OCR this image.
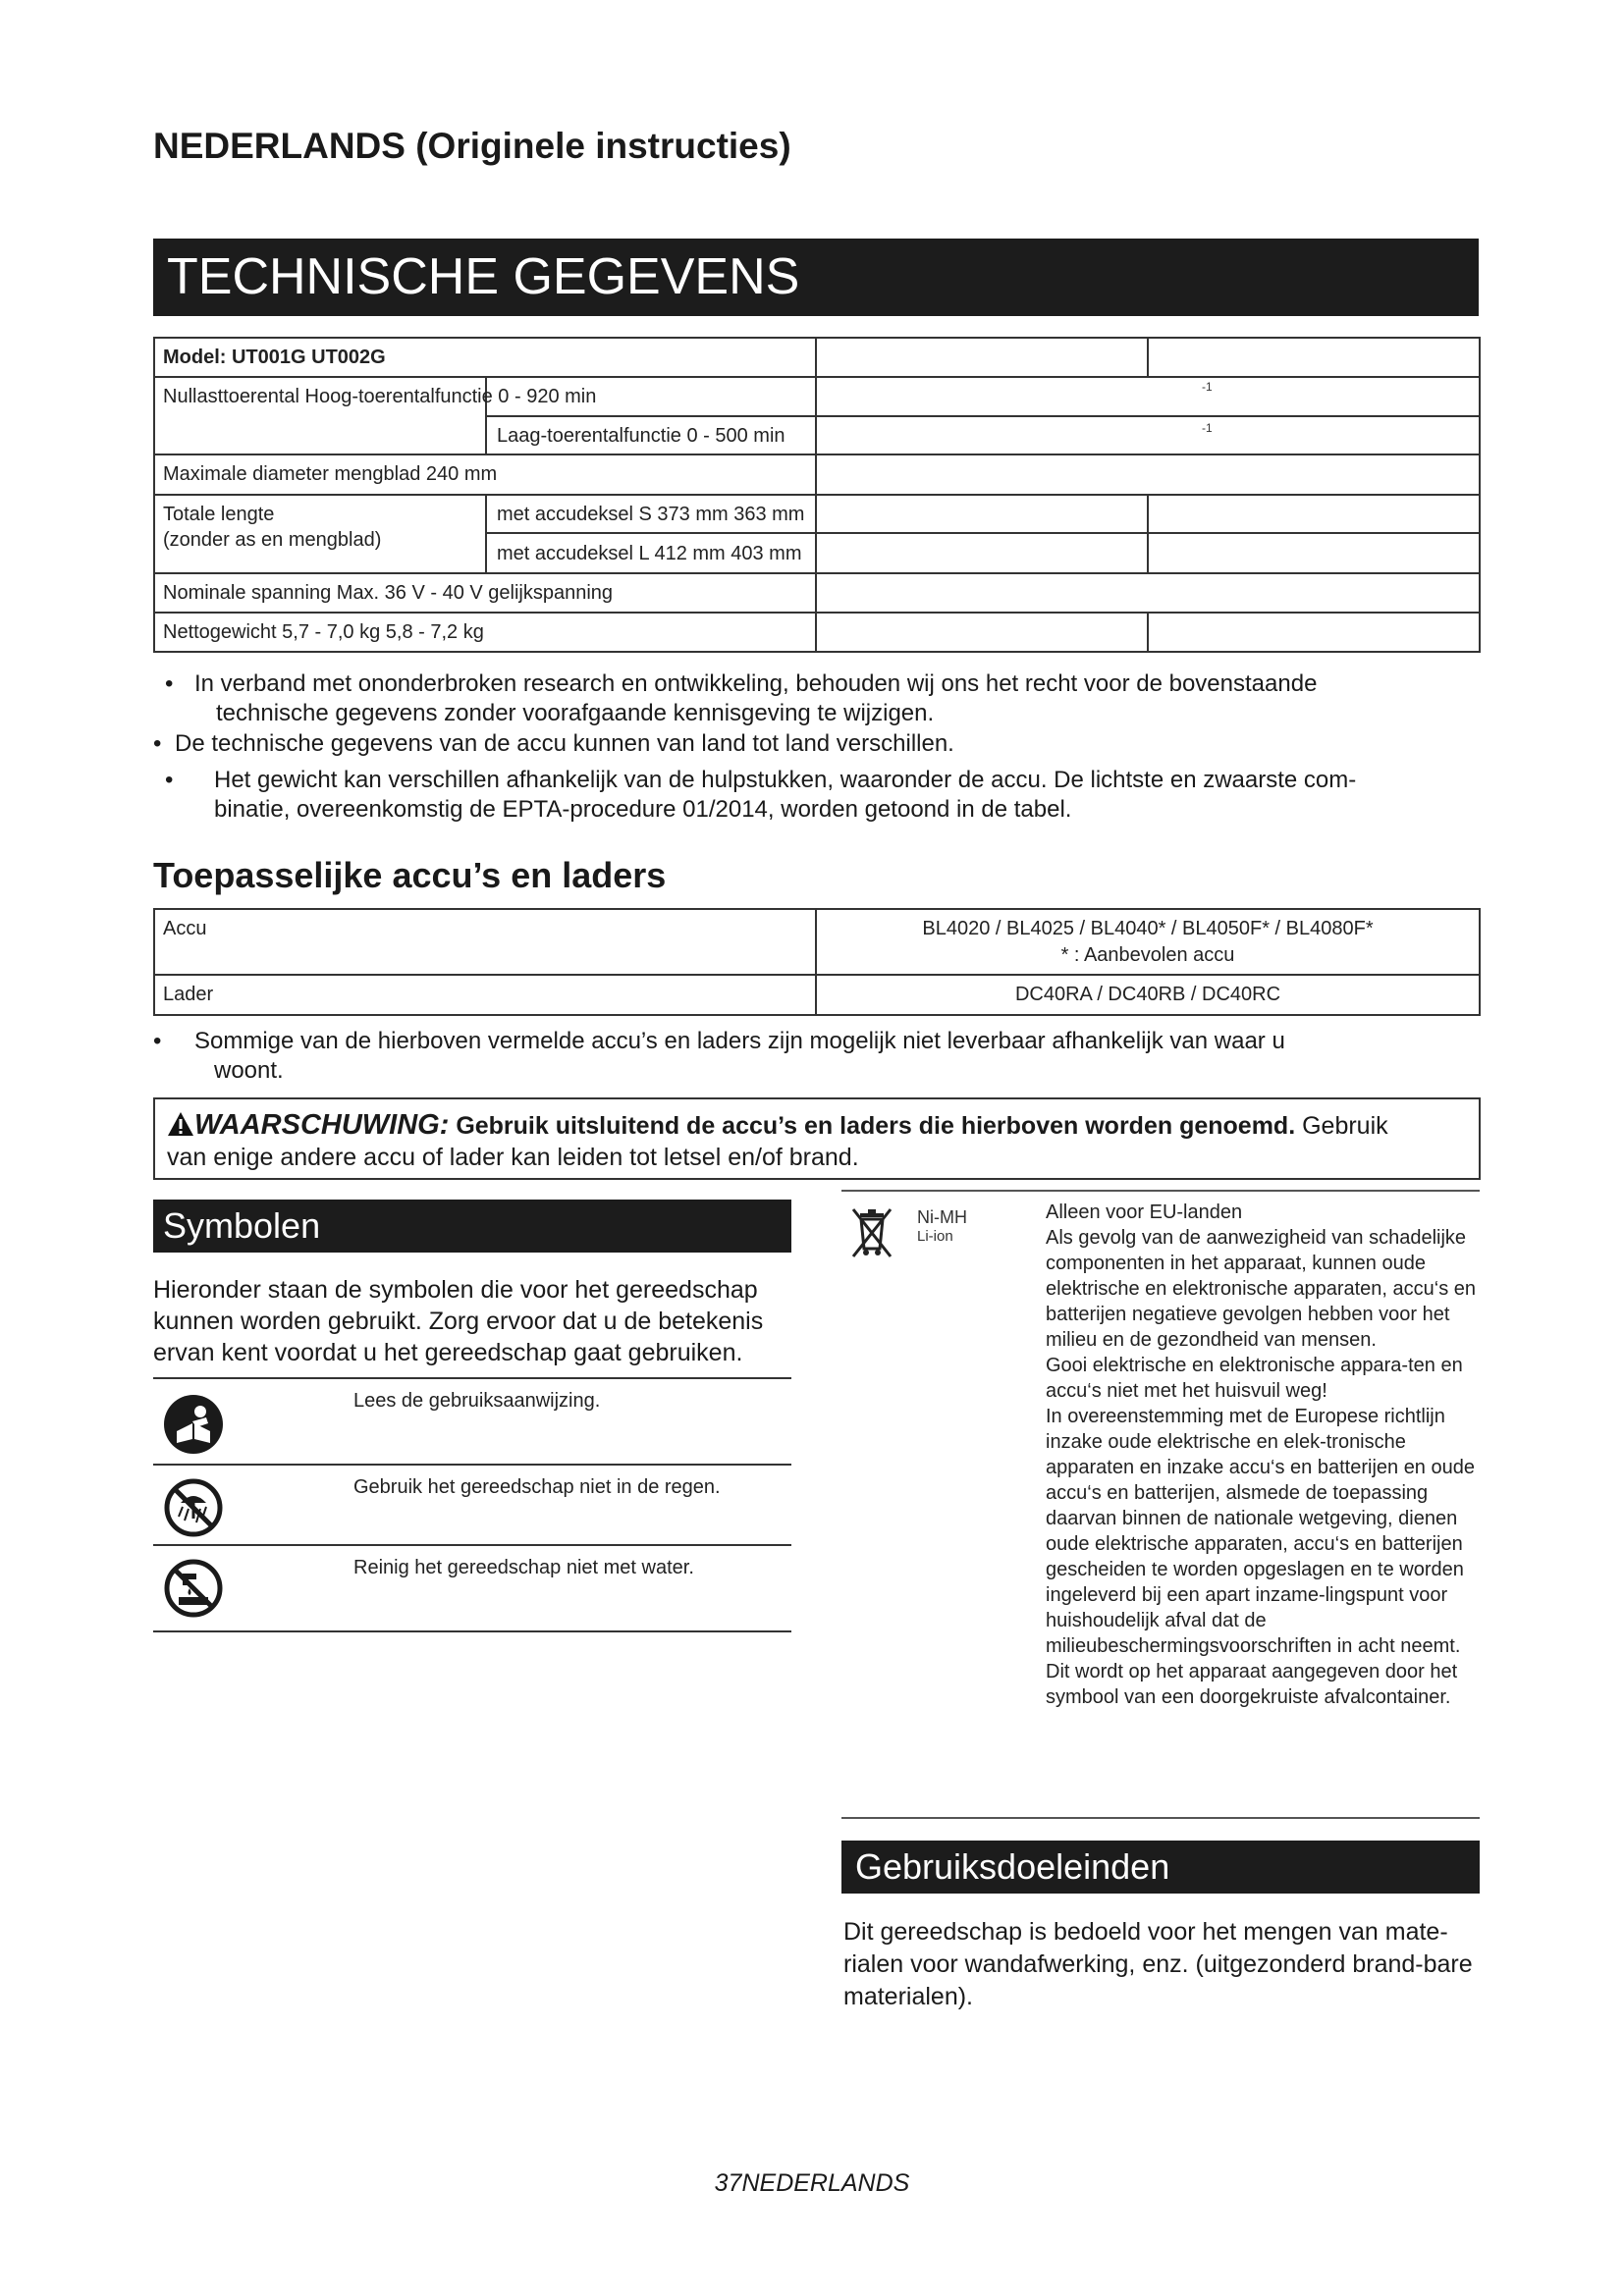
NEDERLANDS (Originele instructies)
TECHNISCHE GEGEVENS
Model: UT001G UT002G
Nullasttoerental Hoog-toerentalfunctie 0 - 920 min	-1
Laag-toerentalfunctie 0 - 500 min	-1
Maximale diameter mengblad 240 mm
Totale lengte
(zonder as en mengblad)
met accudeksel S 373 mm 363 mm
met accudeksel L 412 mm 403 mm
Nominale spanning Max. 36 V - 40 V gelijkspanning
Nettogewicht 5,7 - 7,0 kg 5,8 - 7,2 kg
• In verband met ononderbroken research en ontwikkeling, behouden wij ons het recht voor de bovenstaande
technische gegevens zonder voorafgaande kennisgeving te wijzigen.
• De technische gegevens van de accu kunnen van land tot land verschillen.
•	Het gewicht kan verschillen afhankelijk van de hulpstukken, waaronder de accu. De lichtste en zwaarste com-
binatie, overeenkomstig de EPTA-procedure 01/2014, worden getoond in de tabel.
Toepasselijke accu’s en laders
Accu	BL4020 / BL4025 / BL4040* / BL4050F* / BL4080F*
* : Aanbevolen accu
Lader	DC40RA / DC40RB / DC40RC
•	Sommige van de hierboven vermelde accu’s en laders zijn mogelijk niet leverbaar afhankelijk van waar u
woont.
WAARSCHUWING: Gebruik uitsluitend de accu’s en laders die hierboven worden genoemd. Gebruik
van enige andere accu of lader kan leiden tot letsel en/of brand.
Symbolen
Hieronder staan de symbolen die voor het gereedschap kunnen worden gebruikt. Zorg ervoor dat u de betekenis ervan kent voordat u het gereedschap gaat gebruiken.
Lees de gebruiksaanwijzing.
Gebruik het gereedschap niet in de regen.
Reinig het gereedschap niet met water.
Ni-MH
Li-ion

Alleen voor EU-landen

Als gevolg van de aanwezigheid van schadelijke componenten in het apparaat, kunnen oude elektrische en elektronische apparaten, accu‘s en batterijen negatieve gevolgen hebben voor het milieu en de gezondheid van mensen.

Gooi elektrische en elektronische appara-ten en accu‘s niet met het huisvuil weg!

In overeenstemming met de Europese richtlijn inzake oude elektrische en elek-tronische apparaten en inzake accu‘s en batterijen en oude accu‘s en batterijen, alsmede de toepassing daarvan binnen de nationale wetgeving, dienen oude elektrische apparaten, accu‘s en batterijen gescheiden te worden opgeslagen en te worden ingeleverd bij een apart inzame-lingspunt voor huishoudelijk afval dat de milieubeschermingsvoorschriften in acht neemt.

Dit wordt op het apparaat aangegeven door het symbool van een doorgekruiste afvalcontainer.

Gebruiksdoeleinden
Dit gereedschap is bedoeld voor het mengen van mate-rialen voor wandafwerking, enz. (uitgezonderd brand-bare materialen).
37NEDERLANDS
